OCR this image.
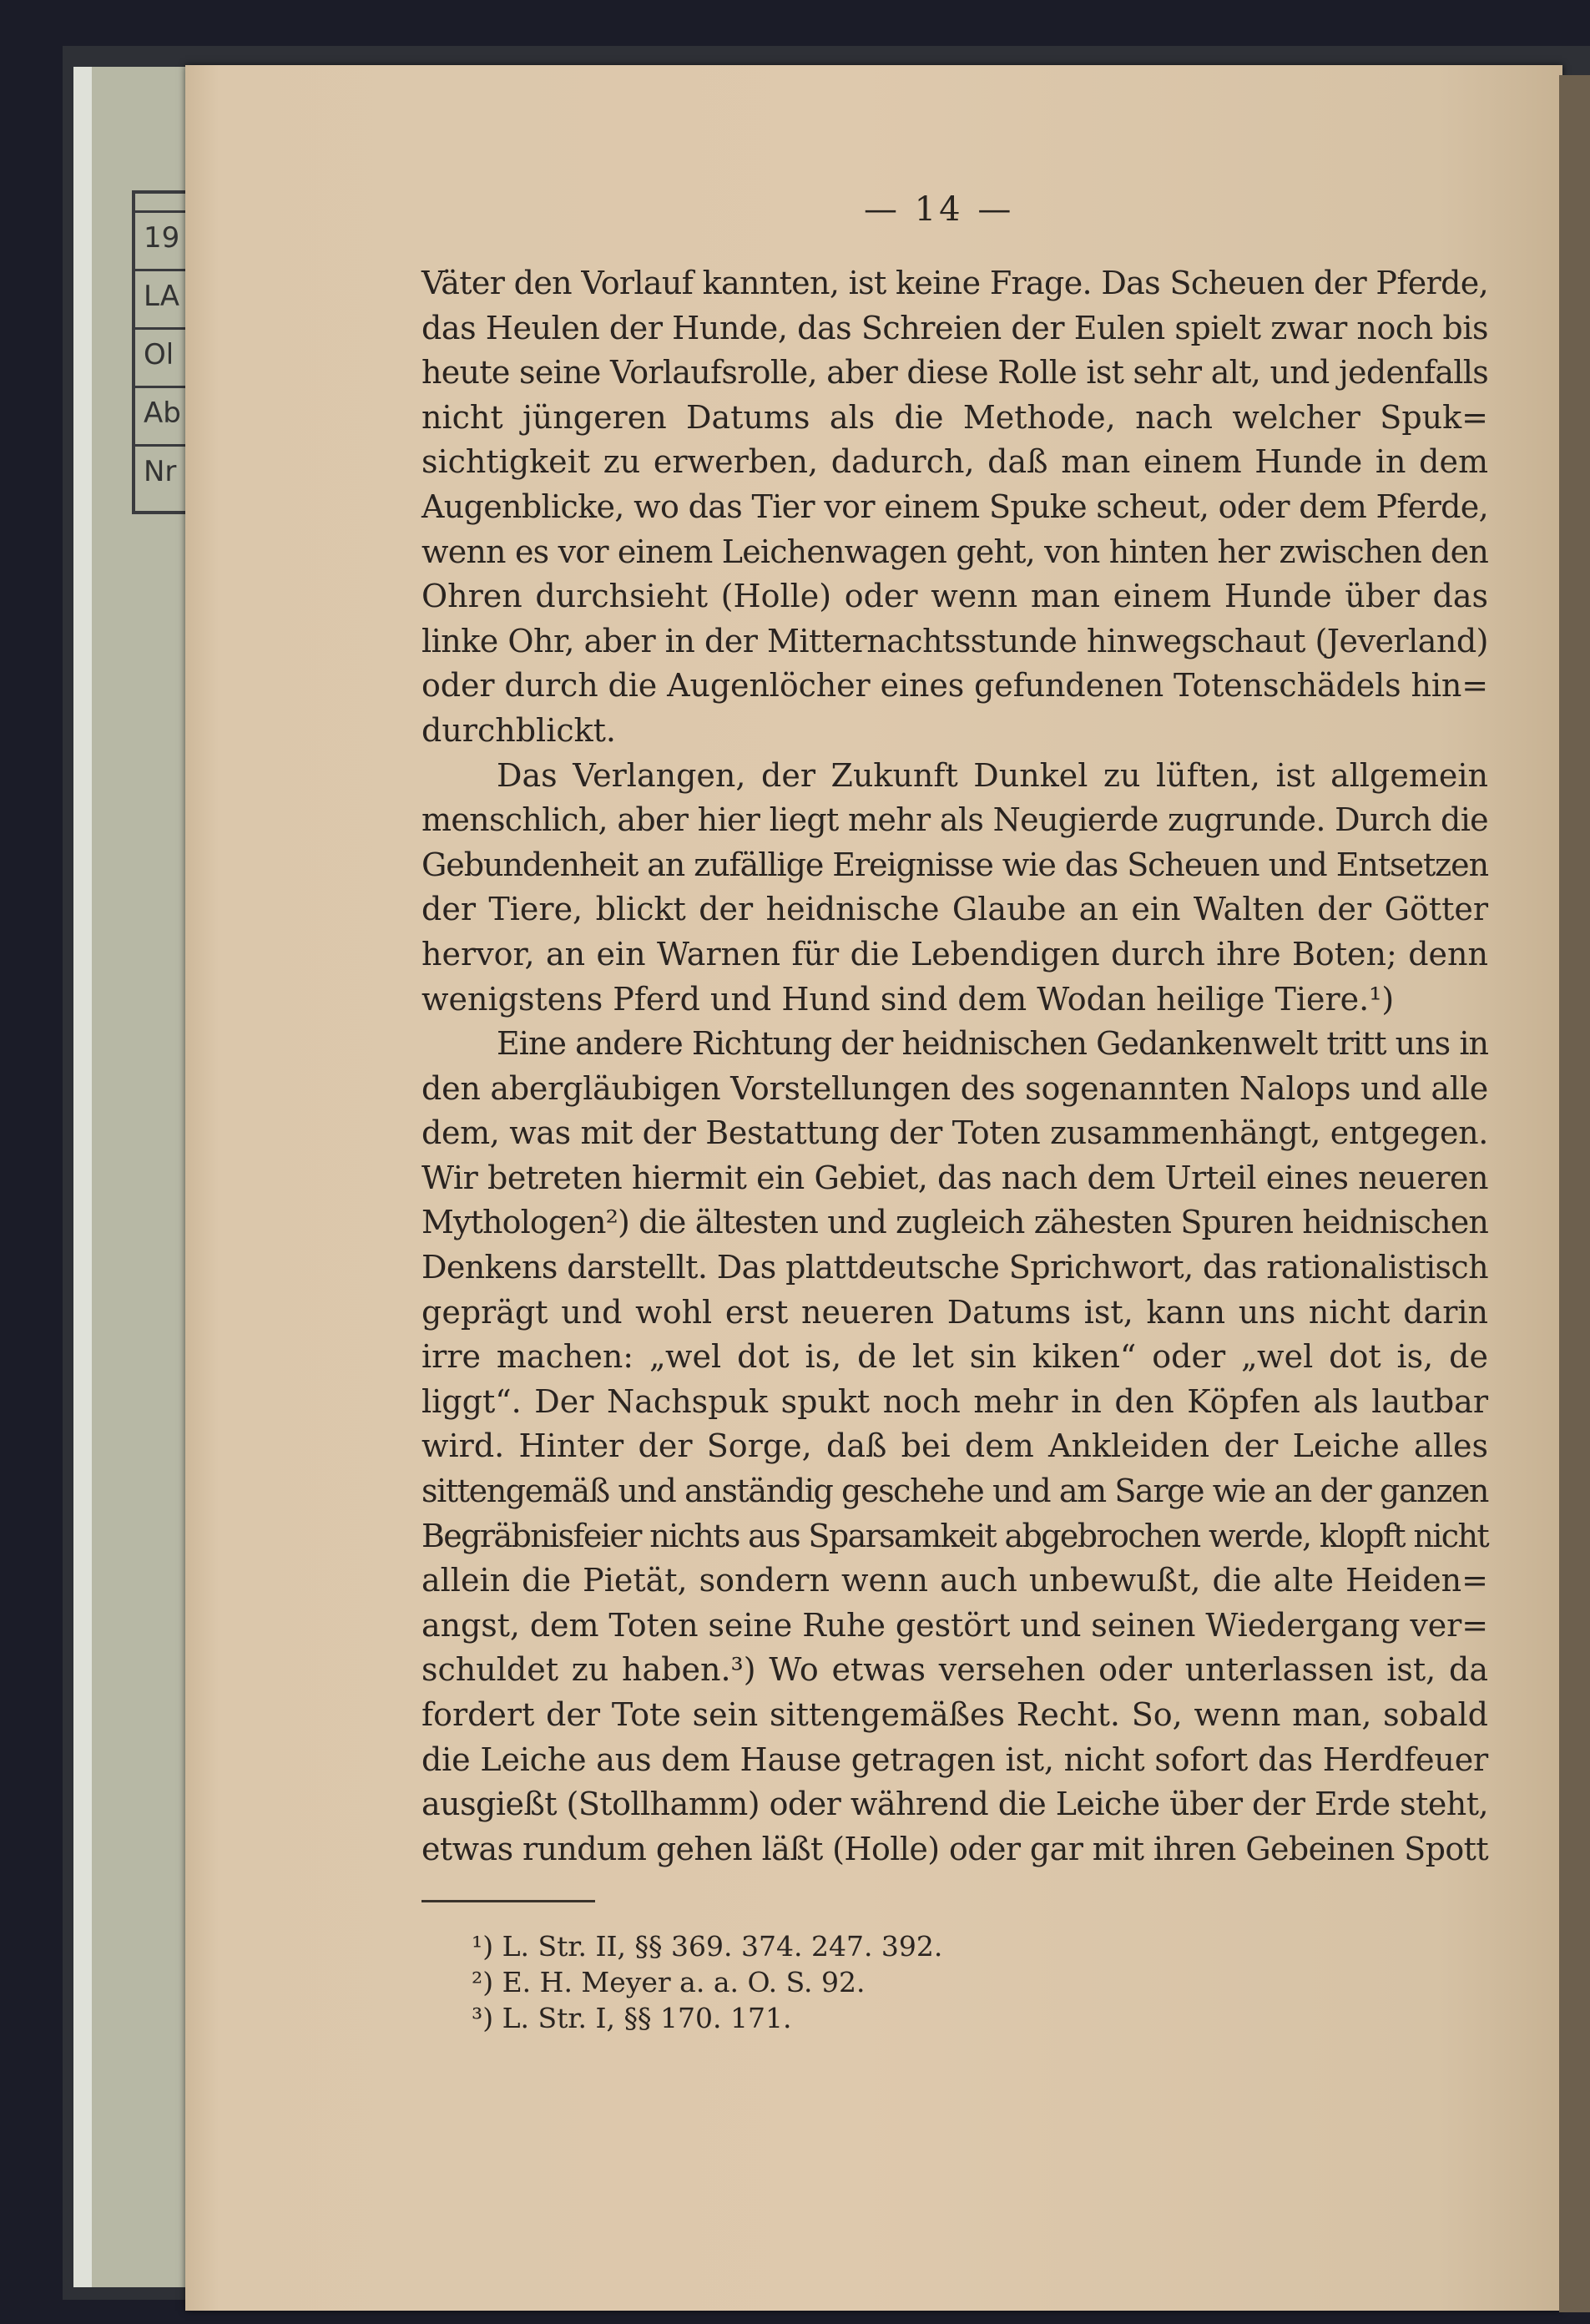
19
LA
Ol
Ab
Nr
— 14 —
Väter den Vorlauf kannten, ist keine Frage. Das Scheuen der Pferde,
das Heulen der Hunde, das Schreien der Eulen spielt zwar noch bis
heute seine Vorlaufsrolle, aber diese Rolle ist sehr alt, und jedenfalls
nicht jüngeren Datums als die Methode, nach welcher Spuk=
sichtigkeit zu erwerben, dadurch, daß man einem Hunde in dem
Augenblicke, wo das Tier vor einem Spuke scheut, oder dem Pferde,
wenn es vor einem Leichenwagen geht, von hinten her zwischen den
Ohren durchsieht (Holle) oder wenn man einem Hunde über das
linke Ohr, aber in der Mitternachtsstunde hinwegschaut (Jeverland)
oder durch die Augenlöcher eines gefundenen Totenschädels hin=
durchblickt.
Das Verlangen, der Zukunft Dunkel zu lüften, ist allgemein
menschlich, aber hier liegt mehr als Neugierde zugrunde. Durch die
Gebundenheit an zufällige Ereignisse wie das Scheuen und Entsetzen
der Tiere, blickt der heidnische Glaube an ein Walten der Götter
hervor, an ein Warnen für die Lebendigen durch ihre Boten; denn
wenigstens Pferd und Hund sind dem Wodan heilige Tiere.¹)
Eine andere Richtung der heidnischen Gedankenwelt tritt uns in
den abergläubigen Vorstellungen des sogenannten Nalops und alle
dem, was mit der Bestattung der Toten zusammenhängt, entgegen.
Wir betreten hiermit ein Gebiet, das nach dem Urteil eines neueren
Mythologen²) die ältesten und zugleich zähesten Spuren heidnischen
Denkens darstellt. Das plattdeutsche Sprichwort, das rationalistisch
geprägt und wohl erst neueren Datums ist, kann uns nicht darin
irre machen: „wel dot is, de let sin kiken“ oder „wel dot is, de
liggt“. Der Nachspuk spukt noch mehr in den Köpfen als lautbar
wird. Hinter der Sorge, daß bei dem Ankleiden der Leiche alles
sittengemäß und anständig geschehe und am Sarge wie an der ganzen
Begräbnisfeier nichts aus Sparsamkeit abgebrochen werde, klopft nicht
allein die Pietät, sondern wenn auch unbewußt, die alte Heiden=
angst, dem Toten seine Ruhe gestört und seinen Wiedergang ver=
schuldet zu haben.³) Wo etwas versehen oder unterlassen ist, da
fordert der Tote sein sittengemäßes Recht. So, wenn man, sobald
die Leiche aus dem Hause getragen ist, nicht sofort das Herdfeuer
ausgießt (Stollhamm) oder während die Leiche über der Erde steht,
etwas rundum gehen läßt (Holle) oder gar mit ihren Gebeinen Spott
¹) L. Str. II, §§ 369. 374. 247. 392.
²) E. H. Meyer a. a. O. S. 92.
³) L. Str. I, §§ 170. 171.
